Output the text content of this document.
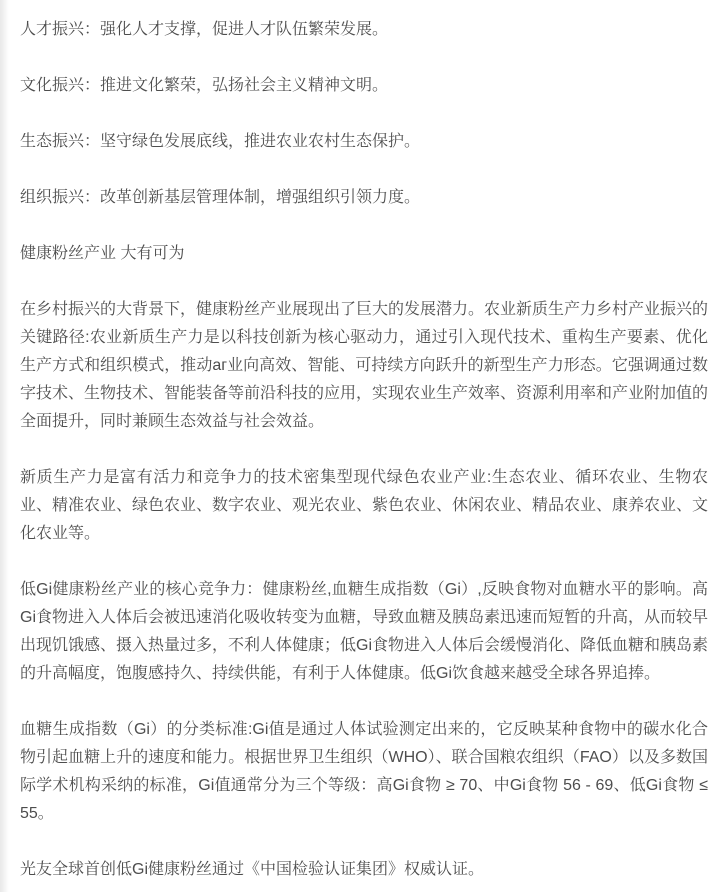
人才振兴：强化人才支撑，促进人才队伍繁荣发展。

文化振兴：推进文化繁荣，弘扬社会主义精神文明。

生态振兴：坚守绿色发展底线，推进农业农村生态保护。

组织振兴：改革创新基层管理体制，增强组织引领力度。

健康粉丝产业 大有可为

在乡村振兴的大背景下，健康粉丝产业展现出了巨大的发展潜力。农业新质生产力乡村产业振兴的关键路径:农业新质生产力是以科技创新为核心驱动力，通过引入现代技术、重构生产要素、优化生产方式和组织模式，推动аг业向高效、智能、可持续方向跃升的新型生产力形态。它强调通过数字技术、生物技术、智能装备等前沿科技的应用，实现农业生产效率、资源利用率和产业附加值的全面提升，同时兼顾生态效益与社会效益。

新质生产力是富有活力和竞争力的技术密集型现代绿色农业产业:生态农业、循环农业、生物农业、精准农业、绿色农业、数字农业、观光农业、紫色农业、休闲农业、精品农业、康养农业、文化农业等。

低Gi健康粉丝产业的核心竞争力：健康粉丝,血糖生成指数（Gi）,反映食物对血糖水平的影响。高Gi食物进入人体后会被迅速消化吸收转变为血糖，导致血糖及胰岛素迅速而短暂的升高，从而较早出现饥饿感、摄入热量过多，不利人体健康；低Gi食物进入人体后会缓慢消化、降低血糖和胰岛素的升高幅度，饱腹感持久、持续供能，有利于人体健康。低Gi饮食越来越受全球各界追捧。

血糖生成指数（Gi）的分类标准:Gi值是通过人体试验测定出来的，它反映某种食物中的碳水化合物引起血糖上升的速度和能力。根据世界卫生组织（WHO）、联合国粮农组织（FAO）以及多数国际学术机构采纳的标准，Gi值通常分为三个等级：高Gi食物 ≥ 70、中Gi食物 56 - 69、低Gi食物 ≤ 55。

光友全球首创低Gi健康粉丝通过《中国检验认证集团》权威认证。
